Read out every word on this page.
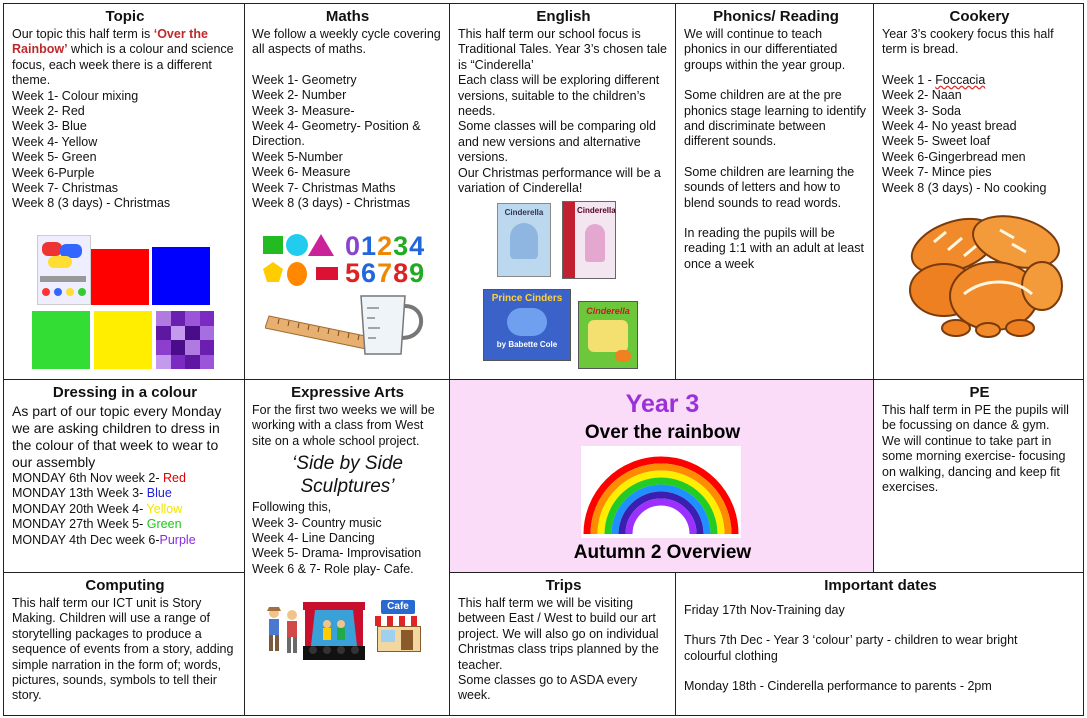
Topic

Our topic this half term is ‘Over the Rainbow’ which is a colour and science focus, each week there is a different theme.

Week 1- Colour mixing
Week 2- Red
Week 3- Blue
Week 4- Yellow
Week 5- Green
Week 6-Purple
Week 7- Christmas
Week 8 (3 days) - Christmas
Maths

We follow a weekly cycle covering all aspects of maths.

Week 1- Geometry
Week 2- Number
Week 3- Measure-
Week 4- Geometry- Position & Direction.
Week 5-Number
Week 6- Measure
Week 7- Christmas Maths
Week 8 (3 days) - Christmas
01234
56789
English
This half term our school focus is Traditional Tales. Year 3’s chosen tale is “Cinderella’
Each class will be exploring different versions, suitable to the children’s needs.
Some classes will be comparing old and new versions and alternative versions.
Our Christmas performance will be a variation of Cinderella!
Cinderella	Cinderella
Prince Cinders
by Babette Cole
Cinderella
Phonics/ Reading

We will continue to teach phonics in our differentiated groups within the year group.

Some children are at the pre phonics stage learning to identify and discriminate between different sounds.

Some children are learning the sounds of letters and how to blend sounds to read words.

In reading the pupils will be reading 1:1 with an adult at least once a week

Cookery

Year 3’s cookery focus this half term is bread.

Week 1 - Foccacia
Week 2- Naan
Week 3- Soda
Week 4- No yeast bread
Week 5- Sweet loaf
Week 6-Gingerbread men
Week 7- Mince pies
Week 8 (3 days) - No cooking
Dressing in a colour

As part of our topic every Monday we are asking children to dress in the colour of that week to wear to our assembly

MONDAY 6th Nov week 2- Red
MONDAY 13th Week 3- Blue
MONDAY 20th Week 4- Yellow
MONDAY 27th Week 5- Green
MONDAY 4th Dec week 6-Purple
Expressive Arts

For the first two weeks we will be working with a class from West site on a whole school project.

‘Side by Side Sculptures’
Following this,
Week 3- Country music
Week 4- Line Dancing
Week 5- Drama- Improvisation
Week 6 & 7- Role play- Cafe.
Cafe
Year 3
Over the rainbow
Autumn 2 Overview
PE
This half term in PE the pupils will be focussing on dance & gym.
We will continue to take part in some morning exercise- focusing on walking, dancing and keep fit exercises.
Computing

This half term our ICT unit is Story Making. Children will use a range of storytelling packages to produce a sequence of events from a story, adding simple narration in the form of; words, pictures, sounds, symbols to tell their story.

Trips
This half term we will be visiting between East / West to build our art project. We will also go on individual Christmas class trips planned by the teacher.
Some classes go to ASDA every week.
Important dates
Friday 17th Nov-Training day
Thurs 7th Dec - Year 3 ‘colour’ party - children to wear bright colourful clothing
Monday 18th - Cinderella performance to parents - 2pm
